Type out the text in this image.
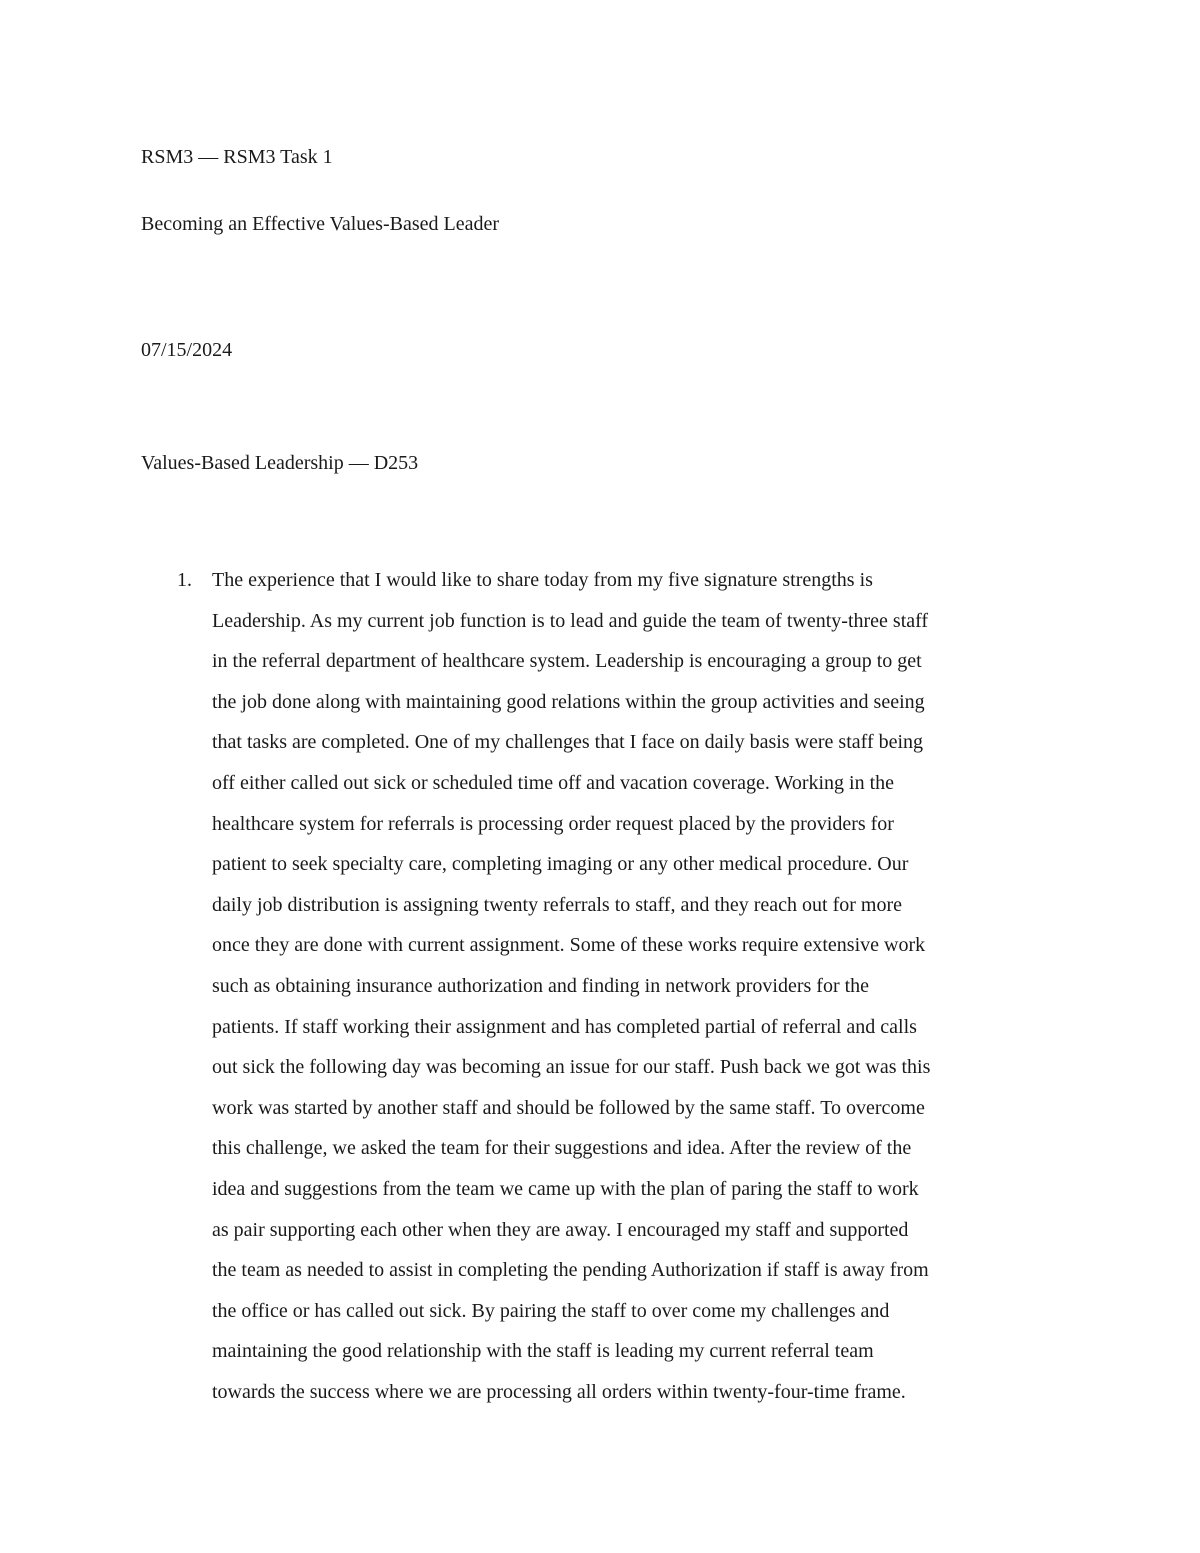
RSM3 — RSM3 Task 1
Becoming an Effective Values-Based Leader
07/15/2024
Values-Based Leadership — D253
1. The experience that I would like to share today from my five signature strengths is
Leadership. As my current job function is to lead and guide the team of twenty-three staff
in the referral department of healthcare system. Leadership is encouraging a group to get
the job done along with maintaining good relations within the group activities and seeing
that tasks are completed. One of my challenges that I face on daily basis were staff being
off either called out sick or scheduled time off and vacation coverage. Working in the
healthcare system for referrals is processing order request placed by the providers for
patient to seek specialty care, completing imaging or any other medical procedure. Our
daily job distribution is assigning twenty referrals to staff, and they reach out for more
once they are done with current assignment. Some of these works require extensive work
such as obtaining insurance authorization and finding in network providers for the
patients. If staff working their assignment and has completed partial of referral and calls
out sick the following day was becoming an issue for our staff. Push back we got was this
work was started by another staff and should be followed by the same staff. To overcome
this challenge, we asked the team for their suggestions and idea. After the review of the
idea and suggestions from the team we came up with the plan of paring the staff to work
as pair supporting each other when they are away. I encouraged my staff and supported
the team as needed to assist in completing the pending Authorization if staff is away from
the office or has called out sick. By pairing the staff to over come my challenges and
maintaining the good relationship with the staff is leading my current referral team
towards the success where we are processing all orders within twenty-four-time frame.
